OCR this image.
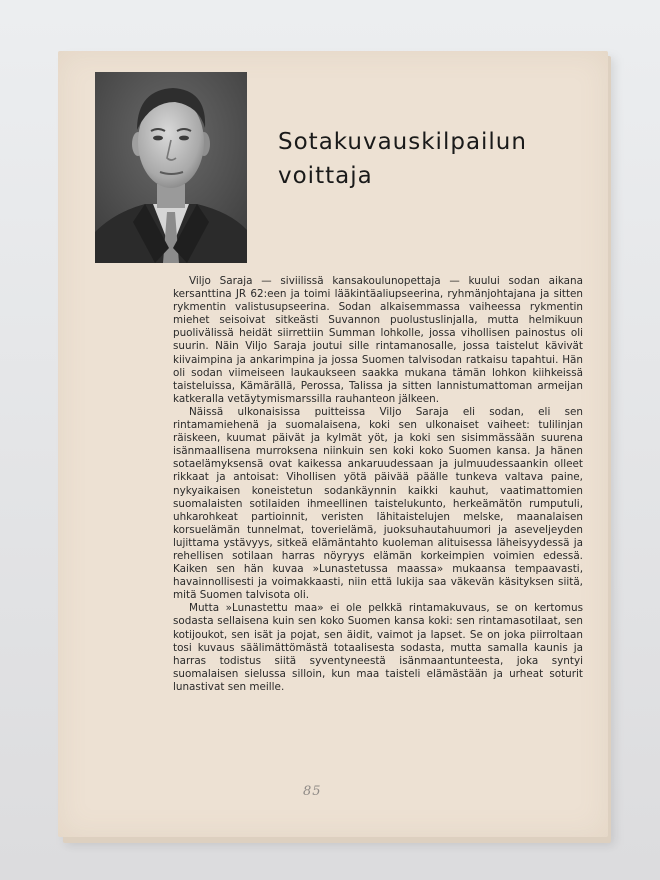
Sotakuvauskilpailun
voittaja

Viljo Saraja — siviilissä kansakoulunopettaja — kuului sodan aikana kersanttina JR 62:een ja toimi lääkintäaliupseerina, ryhmänjohtajana ja sitten rykmentin valistusupseerina. Sodan alkaisemmassa vaiheessa rykmentin miehet seisoivat sitkeästi Suvannon puolustuslinjalla, mutta helmikuun puolivälissä heidät siirrettiin Summan lohkolle, jossa vihollisen painostus oli suurin. Näin Viljo Saraja joutui sille rintamanosalle, jossa taistelut kävivät kiivaimpina ja ankarimpina ja jossa Suomen talvisodan ratkaisu tapahtui. Hän oli sodan viimeiseen laukaukseen saakka mukana tämän lohkon kiihkeissä taisteluissa, Kämärällä, Perossa, Talissa ja sitten lannistumattoman armeijan katkeralla vetäytymismarssilla rauhanteon jälkeen.

Näissä ulkonaisissa puitteissa Viljo Saraja eli sodan, eli sen rintamamiehenä ja suomalaisena, koki sen ulkonaiset vaiheet: tulilinjan räiskeen, kuumat päivät ja kylmät yöt, ja koki sen sisimmässään suurena isänmaallisena murroksena niinkuin sen koki koko Suomen kansa. Ja hänen sotaelämyksensä ovat kaikessa ankaruudessaan ja julmuudessaankin olleet rikkaat ja antoisat: Vihollisen yötä päivää päälle tunkeva valtava paine, nykyaikaisen koneistetun sodankäynnin kaikki kauhut, vaatimattomien suomalaisten sotilaiden ihmeellinen taistelukunto, herkeämätön rumputuli, uhkarohkeat partioinnit, veristen lähitaistelujen melske, maanalaisen korsuelämän tunnelmat, toverielämä, juoksuhautahuumori ja aseveljeyden lujittama ystävyys, sitkeä elämäntahto kuoleman alituisessa läheisyydessä ja rehellisen sotilaan harras nöyryys elämän korkeimpien voimien edessä. Kaiken sen hän kuvaa »Lunastetussa maassa» mukaansa tempaavasti, havainnollisesti ja voimakkaasti, niin että lukija saa väkevän käsityksen siitä, mitä Suomen talvisota oli.

Mutta »Lunastettu maa» ei ole pelkkä rintamakuvaus, se on kertomus sodasta sellaisena kuin sen koko Suomen kansa koki: sen rintamasotilaat, sen kotijoukot, sen isät ja pojat, sen äidit, vaimot ja lapset. Se on joka piirroltaan tosi kuvaus säälimättömästä totaalisesta sodasta, mutta samalla kaunis ja harras todistus siitä syventyneestä isänmaantunteesta, joka syntyi suomalaisen sielussa silloin, kun maa taisteli elämästään ja urheat soturit lunastivat sen meille.

85
